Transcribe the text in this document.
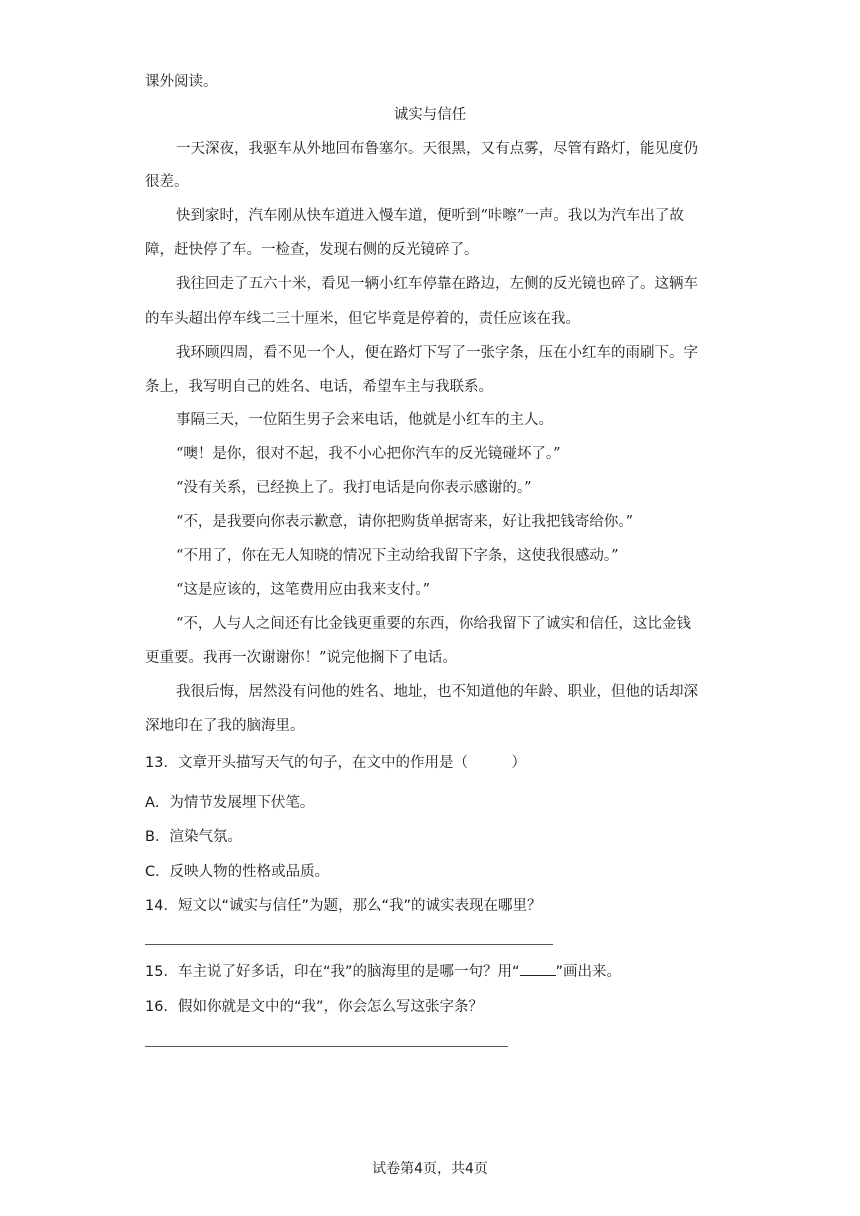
课外阅读。
诚实与信任
一天深夜，我驱车从外地回布鲁塞尔。天很黑，又有点雾，尽管有路灯，能见度仍
很差。
快到家时，汽车刚从快车道进入慢车道，便听到“咔嚓”一声。我以为汽车出了故
障，赶快停了车。一检查，发现右侧的反光镜碎了。
我往回走了五六十米，看见一辆小红车停靠在路边，左侧的反光镜也碎了。这辆车
的车头超出停车线二三十厘米，但它毕竟是停着的，责任应该在我。
我环顾四周，看不见一个人，便在路灯下写了一张字条，压在小红车的雨刷下。字
条上，我写明自己的姓名、电话，希望车主与我联系。
事隔三天，一位陌生男子会来电话，他就是小红车的主人。
“噢！是你，很对不起，我不小心把你汽车的反光镜碰坏了。”
“没有关系，已经换上了。我打电话是向你表示感谢的。”
“不，是我要向你表示歉意，请你把购货单据寄来，好让我把钱寄给你。”
“不用了，你在无人知晓的情况下主动给我留下字条，这使我很感动。”
“这是应该的，这笔费用应由我来支付。”
“不，人与人之间还有比金钱更重要的东西，你给我留下了诚实和信任，这比金钱
更重要。我再一次谢谢你！”说完他搁下了电话。
我很后悔，居然没有问他的姓名、地址，也不知道他的年龄、职业，但他的话却深
深地印在了我的脑海里。
13．文章开头描写天气的句子，在文中的作用是（　　　）
A．为情节发展埋下伏笔。
B．渲染气氛。
C．反映人物的性格或品质。
14．短文以“诚实与信任”为题，那么“我”的诚实表现在哪里？
15．车主说了好多话，印在“我”的脑海里的是哪一句？用“ ”画出来。
16．假如你就是文中的“我”，你会怎么写这张字条？
试卷第4页，共4页
